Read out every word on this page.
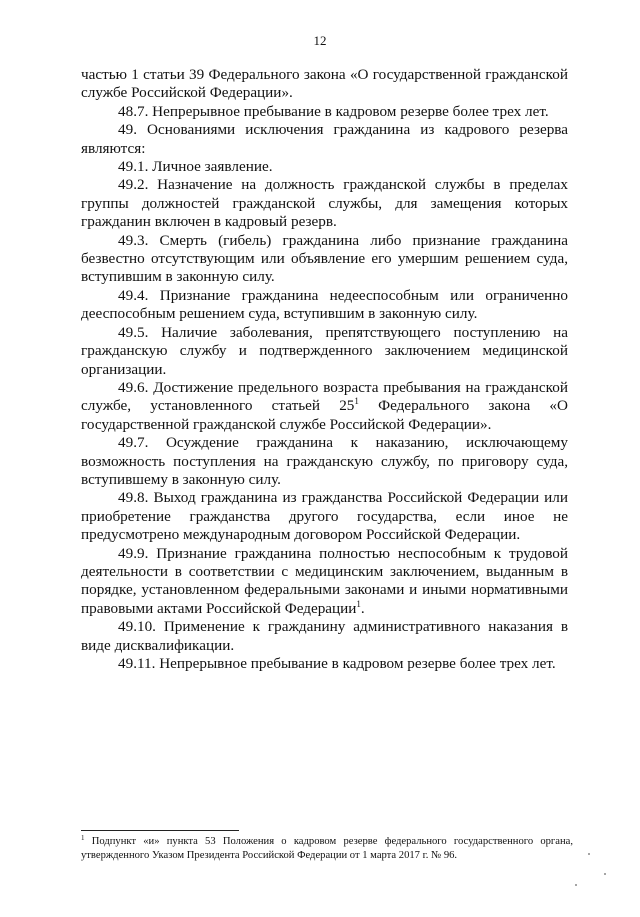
12

частью 1 статьи 39 Федерального закона «О государственной гражданской службе Российской Федерации».

48.7. Непрерывное пребывание в кадровом резерве более трех лет.

49. Основаниями исключения гражданина из кадрового резерва являются:

49.1. Личное заявление.

49.2. Назначение на должность гражданской службы в пределах группы должностей гражданской службы, для замещения которых гражданин включен в кадровый резерв.

49.3. Смерть (гибель) гражданина либо признание гражданина безвестно отсутствующим или объявление его умершим решением суда, вступившим в законную силу.

49.4. Признание гражданина недееспособным или ограниченно дееспособным решением суда, вступившим в законную силу.

49.5. Наличие заболевания, препятствующего поступлению на гражданскую службу и подтвержденного заключением медицинской организации.

49.6. Достижение предельного возраста пребывания на гражданской службе, установленного статьей $25^1$ Федерального закона «О государственной гражданской службе Российской Федерации».

49.7. Осуждение гражданина к наказанию, исключающему возможность поступления на гражданскую службу, по приговору суда, вступившему в законную силу.

49.8. Выход гражданина из гражданства Российской Федерации или приобретение гражданства другого государства, если иное не предусмотрено международным договором Российской Федерации.

49.9. Признание гражданина полностью неспособным к трудовой деятельности в соответствии с медицинским заключением, выданным в порядке, установленном федеральными законами и иными нормативными правовыми актами Российской Федерации$^1$.

49.10. Применение к гражданину административного наказания в виде дисквалификации.

49.11. Непрерывное пребывание в кадровом резерве более трех лет.

$^1$ Подпункт «и» пункта 53 Положения о кадровом резерве федерального государственного органа, утвержденного Указом Президента Российской Федерации от 1 марта 2017 г. № 96.
